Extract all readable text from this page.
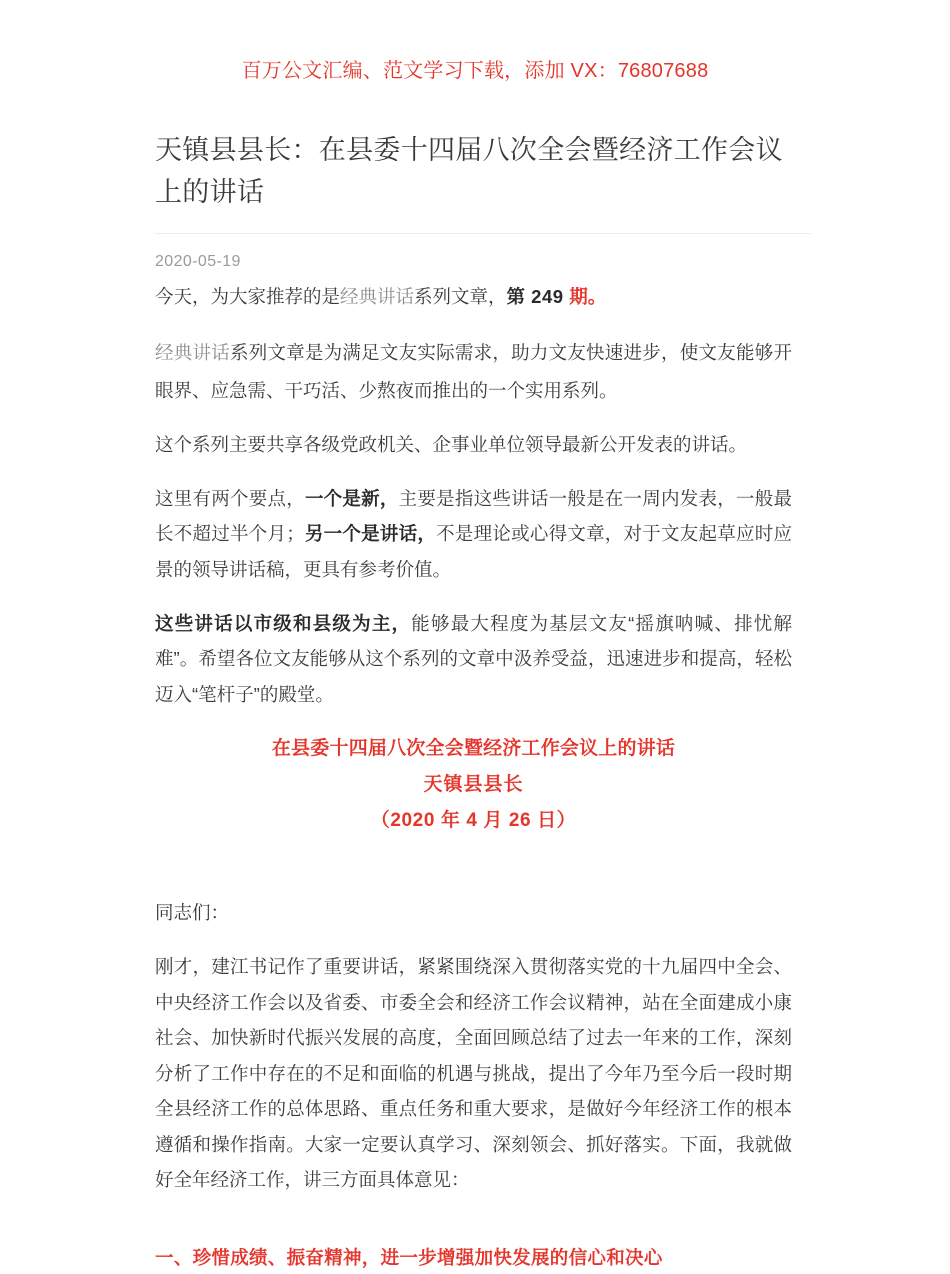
百万公文汇编、范文学习下载，添加 VX：76807688
天镇县县长：在县委十四届八次全会暨经济工作会议上的讲话
2020-05-19

今天，为大家推荐的是经典讲话系列文章，第 249 期。

经典讲话系列文章是为满足文友实际需求，助力文友快速进步，使文友能够开眼界、应急需、干巧活、少熬夜而推出的一个实用系列。

这个系列主要共享各级党政机关、企事业单位领导最新公开发表的讲话。

这里有两个要点，一个是新，主要是指这些讲话一般是在一周内发表，一般最长不超过半个月；另一个是讲话，不是理论或心得文章，对于文友起草应时应景的领导讲话稿，更具有参考价值。

这些讲话以市级和县级为主，能够最大程度为基层文友“摇旗呐喊、排忧解难”。希望各位文友能够从这个系列的文章中汲养受益，迅速进步和提高，轻松迈入“笔杆子”的殿堂。

在县委十四届八次全会暨经济工作会议上的讲话
天镇县县长
（2020 年 4 月 26 日）

同志们：

刚才，建江书记作了重要讲话，紧紧围绕深入贯彻落实党的十九届四中全会、中央经济工作会以及省委、市委全会和经济工作会议精神，站在全面建成小康社会、加快新时代振兴发展的高度，全面回顾总结了过去一年来的工作，深刻分析了工作中存在的不足和面临的机遇与挑战，提出了今年乃至今后一段时期全县经济工作的总体思路、重点任务和重大要求，是做好今年经济工作的根本遵循和操作指南。大家一定要认真学习、深刻领会、抓好落实。下面，我就做好全年经济工作，讲三方面具体意见：

一、珍惜成绩、振奋精神，进一步增强加快发展的信心和决心
